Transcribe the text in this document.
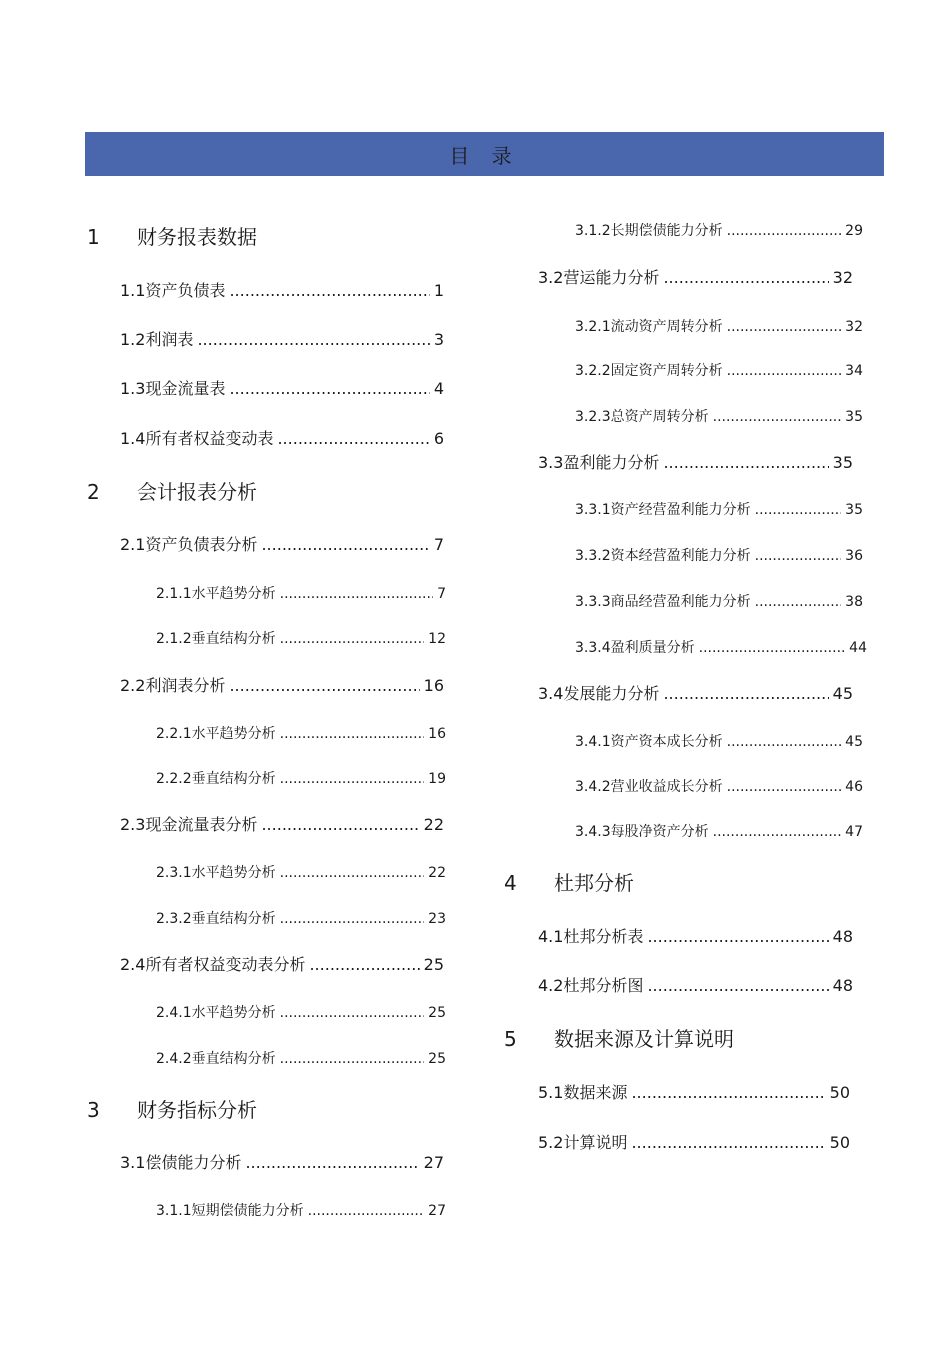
目 录
1	财务报表数据
1.1 资产负债表 .....	1
1.2 利润表 .....	3
1.3 现金流量表 .....	4
1.4 所有者权益变动表 .....	6
2	会计报表分析
2.1 资产负债表分析 .....	7
2.1.1 水平趋势分析 .....	7
2.1.2 垂直结构分析 .....	12
2.2 利润表分析 .....	16
2.2.1 水平趋势分析 .....	16
2.2.2 垂直结构分析 .....	19
2.3 现金流量表分析 .....	22
2.3.1 水平趋势分析 .....	22
2.3.2 垂直结构分析 .....	23
2.4 所有者权益变动表分析 .....	25
2.4.1 水平趋势分析 .....	25
2.4.2 垂直结构分析 .....	25
3	财务指标分析
3.1 偿债能力分析 .....	27
3.1.1 短期偿债能力分析 .....	27
3.1.2 长期偿债能力分析 .....	29
3.2 营运能力分析 .....	32
3.2.1 流动资产周转分析 .....	32
3.2.2 固定资产周转分析 .....	34
3.2.3 总资产周转分析 .....	35
3.3 盈利能力分析 .....	35
3.3.1 资产经营盈利能力分析 .....	35
3.3.2 资本经营盈利能力分析 .....	36
3.3.3 商品经营盈利能力分析 .....	38
3.3.4 盈利质量分析 .....	44
3.4 发展能力分析 .....	45
3.4.1 资产资本成长分析 .....	45
3.4.2 营业收益成长分析 .....	46
3.4.3 每股净资产分析 .....	47
4	杜邦分析
4.1 杜邦分析表 .....	48
4.2 杜邦分析图 .....	48
5	数据来源及计算说明
5.1 数据来源 .....	50
5.2 计算说明 .....	50
